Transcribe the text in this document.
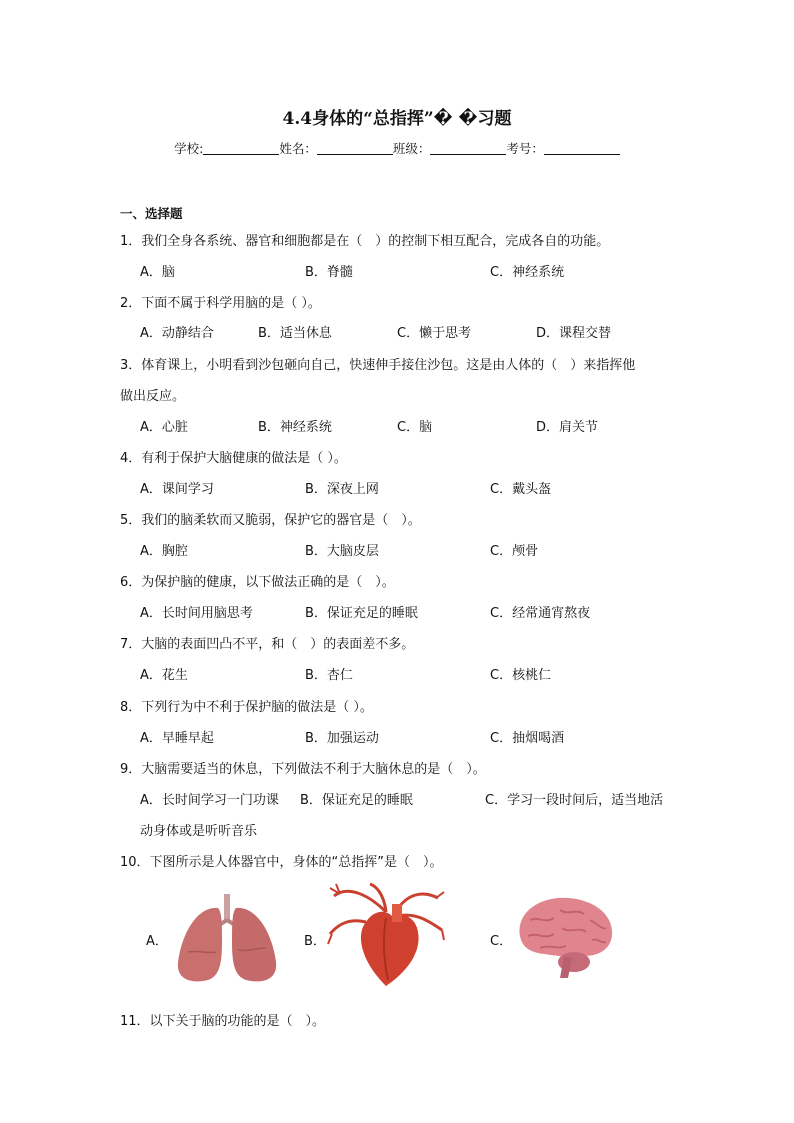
4.4身体的“总指挥”� �习题
学校:	姓名：	班级：	考号：
一、选择题
1．我们全身各系统、器官和细胞都是在（　）的控制下相互配合，完成各自的功能。
A．脑	B．脊髓	C．神经系统
2．下面不属于科学用脑的是（ ）。
A．动静结合	B．适当休息	C．懒于思考	D．课程交替
3．体育课上，小明看到沙包砸向自己，快速伸手接住沙包。这是由人体的（　）来指挥他
做出反应。
A．心脏	B．神经系统	C．脑	D．肩关节
4．有利于保护大脑健康的做法是（ ）。
A．课间学习	B．深夜上网	C．戴头盔
5．我们的脑柔软而又脆弱，保护它的器官是（　）。
A．胸腔	B．大脑皮层	C．颅骨
6．为保护脑的健康，以下做法正确的是（　）。
A．长时间用脑思考	B．保证充足的睡眠	C．经常通宵熬夜
7．大脑的表面凹凸不平，和（　）的表面差不多。
A．花生	B．杏仁	C．核桃仁
8．下列行为中不利于保护脑的做法是（ ）。
A．早睡早起	B．加强运动	C．抽烟喝酒
9．大脑需要适当的休息，下列做法不利于大脑休息的是（　）。
A．长时间学习一门功课 B．保证充足的睡眠	C．学习一段时间后，适当地活
动身体或是听听音乐
10．下图所示是人体器官中，身体的“总指挥”是（　）。
A．	B．	C．
11．以下关于脑的功能的是（　）。
